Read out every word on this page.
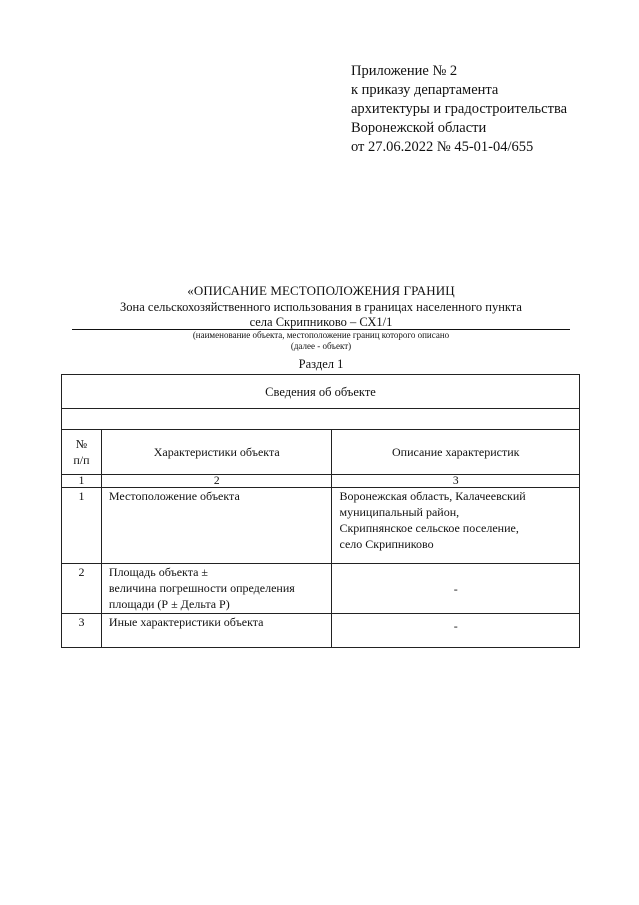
Приложение № 2
к приказу департамента
архитектуры и градостроительства
Воронежской области
от 27.06.2022 № 45-01-04/655
«ОПИСАНИЕ МЕСТОПОЛОЖЕНИЯ ГРАНИЦ
Зона сельскохозяйственного использования в границах населенного пункта
села Скрипниково – СХ1/1
(наименование объекта, местоположение границ которого описано
(далее - объект)
Раздел 1
Сведения об объекте		

№
п/п	Характеристики объекта	Описание характеристик
1	2	3
1	Местоположение объекта	Воронежская область, Калачеевский
муниципальный район,
Скрипнянское сельское поселение,
село Скрипниково

2	Площадь объекта ±
величина погрешности определения
площади (Р ± Дельта Р)	-
3	Иные характеристики объекта	-
